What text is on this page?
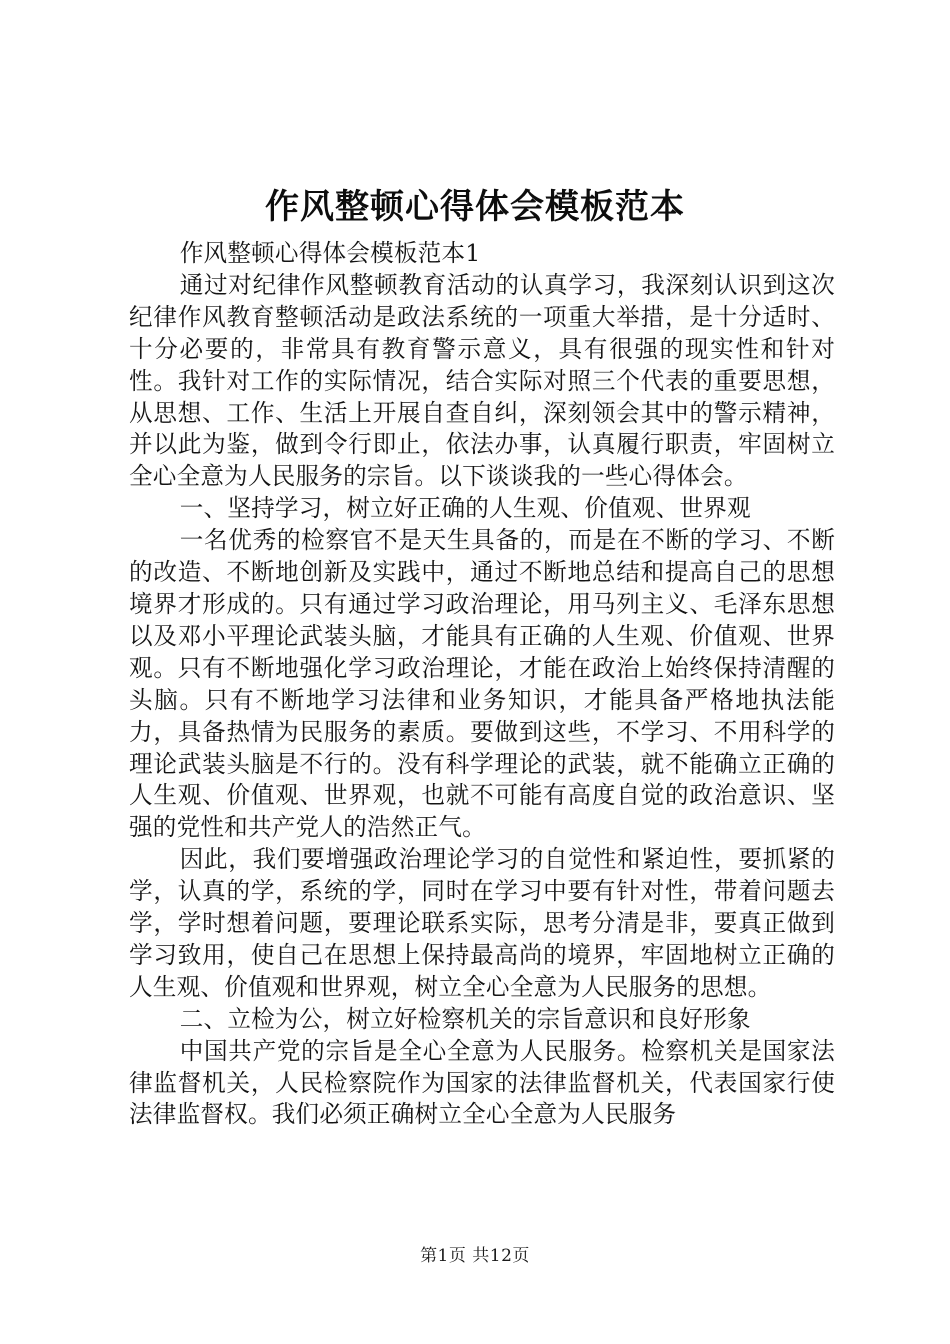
作风整顿心得体会模板范本

作风整顿心得体会模板范本1

通过对纪律作风整顿教育活动的认真学习，我深刻认识到这次纪律作风教育整顿活动是政法系统的一项重大举措，是十分适时、十分必要的，非常具有教育警示意义，具有很强的现实性和针对性。我针对工作的实际情况，结合实际对照三个代表的重要思想，从思想、工作、生活上开展自查自纠，深刻领会其中的警示精神，并以此为鉴，做到令行即止，依法办事，认真履行职责，牢固树立全心全意为人民服务的宗旨。以下谈谈我的一些心得体会。

一、坚持学习，树立好正确的人生观、价值观、世界观

一名优秀的检察官不是天生具备的，而是在不断的学习、不断的改造、不断地创新及实践中，通过不断地总结和提高自己的思想境界才形成的。只有通过学习政治理论，用马列主义、毛泽东思想以及邓小平理论武装头脑，才能具有正确的人生观、价值观、世界观。只有不断地强化学习政治理论，才能在政治上始终保持清醒的头脑。只有不断地学习法律和业务知识，才能具备严格地执法能力，具备热情为民服务的素质。要做到这些，不学习、不用科学的理论武装头脑是不行的。没有科学理论的武装，就不能确立正确的人生观、价值观、世界观，也就不可能有高度自觉的政治意识、坚强的党性和共产党人的浩然正气。

因此，我们要增强政治理论学习的自觉性和紧迫性，要抓紧的学，认真的学，系统的学，同时在学习中要有针对性，带着问题去学，学时想着问题，要理论联系实际，思考分清是非，要真正做到学习致用，使自己在思想上保持最高尚的境界，牢固地树立正确的人生观、价值观和世界观，树立全心全意为人民服务的思想。

二、立检为公，树立好检察机关的宗旨意识和良好形象

中国共产党的宗旨是全心全意为人民服务。检察机关是国家法律监督机关，人民检察院作为国家的法律监督机关，代表国家行使法律监督权。我们必须正确树立全心全意为人民服务

第1页 共12页
